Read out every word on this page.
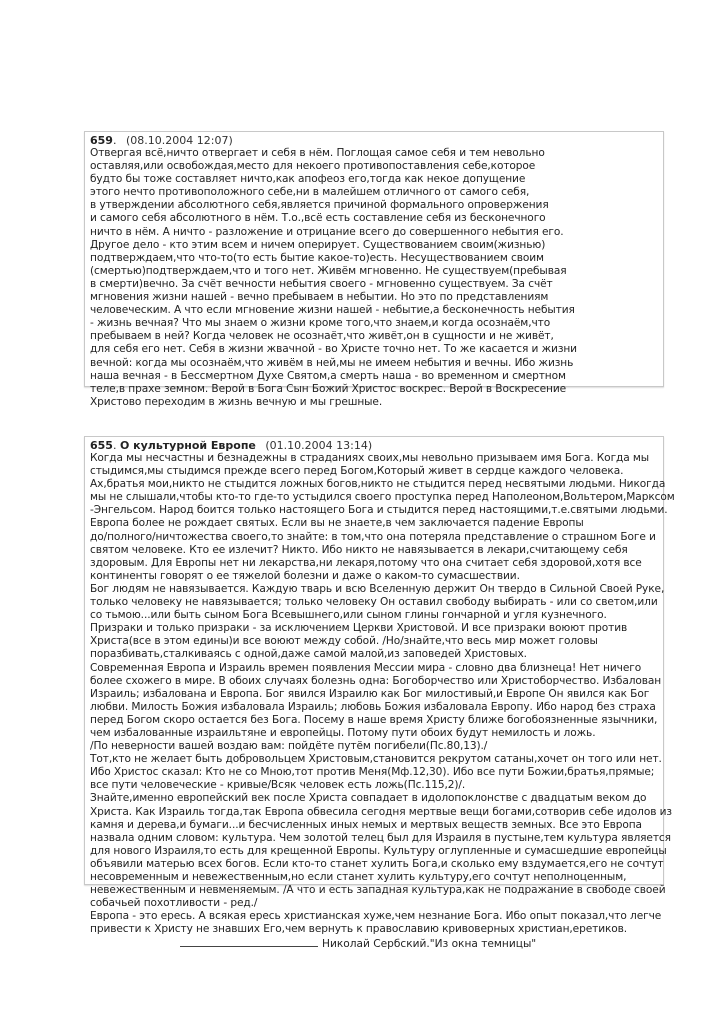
659. (08.10.2004 12:07)
Отвергая всё,ничто отвергает и себя в нём. Поглощая самое себя и тем невольно
оставляя,или освобождая,место для некоего противопоставления себе,которое
будто бы тоже составляет ничто,как апофеоз его,тогда как некое допущение
этого нечто противоположного себе,ни в малейшем отличного от самого себя,
в утверждении абсолютного себя,является причиной формального опровержения
и самого себя абсолютного в нём. Т.о.,всё есть составление себя из бесконечного
ничто в нём. А ничто - разложение и отрицание всего до совершенного небытия его.
Другое дело - кто этим всем и ничем оперирует. Существованием своим(жизнью)
подтверждаем,что что-то(то есть бытие какое-то)есть. Несуществованием своим
(смертью)подтверждаем,что и того нет. Живём мгновенно. Не существуем(пребывая
в смерти)вечно. За счёт вечности небытия своего - мгновенно существуем. За счёт
мгновения жизни нашей - вечно пребываем в небытии. Но это по представлениям
человеческим. А что если мгновение жизни нашей - небытие,а бесконечность небытия
- жизнь вечная? Что мы знаем о жизни кроме того,что знаем,и когда осознаём,что
пребываем в ней? Когда человек не осознаёт,что живёт,он в сущности и не живёт,
для себя его нет. Себя в жизни жвачной - во Христе точно нет. То же касается и жизни
вечной: когда мы осознаём,что живём в ней,мы не имеем небытия и вечны. Ибо жизнь
наша вечная - в Бессмертном Духе Святом,а смерть наша - во временном и смертном
теле,в прахе земном. Верой в Бога Сын Божий Христос воскрес. Верой в Воскресение
Христово переходим в жизнь вечную и мы грешные.
655. О культурной Европе (01.10.2004 13:14)
Когда мы несчастны и безнадежны в страданиях своих,мы невольно призываем имя Бога. Когда мы
стыдимся,мы стыдимся прежде всего перед Богом,Который живет в сердце каждого человека.
Ах,братья мои,никто не стыдится ложных богов,никто не стыдится перед несвятыми людьми. Никогда
мы не слышали,чтобы кто-то где-то устыдился своего проступка перед Наполеоном,Вольтером,Марксом
-Энгельсом. Народ боится только настоящего Бога и стыдится перед настоящими,т.е.святыми людьми.
Европа более не рождает святых. Если вы не знаете,в чем заключается падение Европы
до/полного/ничтожества своего,то знайте: в том,что она потеряла представление о страшном Боге и
святом человеке. Кто ее излечит? Никто. Ибо никто не навязывается в лекари,считающему себя
здоровым. Для Европы нет ни лекарства,ни лекаря,потому что она считает себя здоровой,хотя все
континенты говорят о ее тяжелой болезни и даже о каком-то сумасшествии.
Бог людям не навязывается. Каждую тварь и всю Вселенную держит Он твердо в Сильной Своей Руке,
только человеку не навязывается; только человеку Он оставил свободу выбирать - или со светом,или
со тьмою...или быть сыном Бога Всевышнего,или сыном глины гончарной и угля кузнечного.
Призраки и только призраки - за исключением Церкви Христовой. И все призраки воюют против
Христа(все в этом едины)и все воюют между собой. /Но/знайте,что весь мир может головы
поразбивать,сталкиваясь с одной,даже самой малой,из заповедей Христовых.
Современная Европа и Израиль времен появления Мессии мира - словно два близнеца! Нет ничего
более схожего в мире. В обоих случаях болезнь одна: Богоборчество или Христоборчество. Избалован
Израиль; избалована и Европа. Бог явился Израилю как Бог милостивый,и Европе Он явился как Бог
любви. Милость Божия избаловала Израиль; любовь Божия избаловала Европу. Ибо народ без страха
перед Богом скоро остается без Бога. Посему в наше время Христу ближе богобоязненные язычники,
чем избалованные израильтяне и европейцы. Потому пути обоих будут немилость и ложь.
/По неверности вашей воздаю вам: пойдёте путём погибели(Пс.80,13)./
Тот,кто не желает быть добровольцем Христовым,становится рекрутом сатаны,хочет он того или нет.
Ибо Христос сказал: Кто не со Мною,тот против Меня(Мф.12,30). Ибо все пути Божии,братья,прямые;
все пути человеческие - кривые/Всяк человек есть ложь(Пс.115,2)/.
Знайте,именно европейский век после Христа совпадает в идолопоклонстве с двадцатым веком до
Христа. Как Израиль тогда,так Европа обвесила сегодня мертвые вещи богами,сотворив себе идолов из
камня и дерева,и бумаги...и бесчисленных иных немых и мертвых веществ земных. Все это Европа
назвала одним словом: культура. Чем золотой телец был для Израиля в пустыне,тем культура является
для нового Израиля,то есть для крещенной Европы. Культуру оглупленные и сумасшедшие европейцы
объявили матерью всех богов. Если кто-то станет хулить Бога,и сколько ему вздумается,его не сочтут
несовременным и невежественным,но если станет хулить культуру,его сочтут неполноценным,
невежественным и невменяемым. /А что и есть западная культура,как не подражание в свободе своей
собачьей похотливости - ред./
Европа - это ересь. А всякая ересь христианская хуже,чем незнание Бога. Ибо опыт показал,что легче
привести к Христу не знавших Его,чем вернуть к православию кривоверных христиан,еретиков.
Николай Сербский."Из окна темницы"
